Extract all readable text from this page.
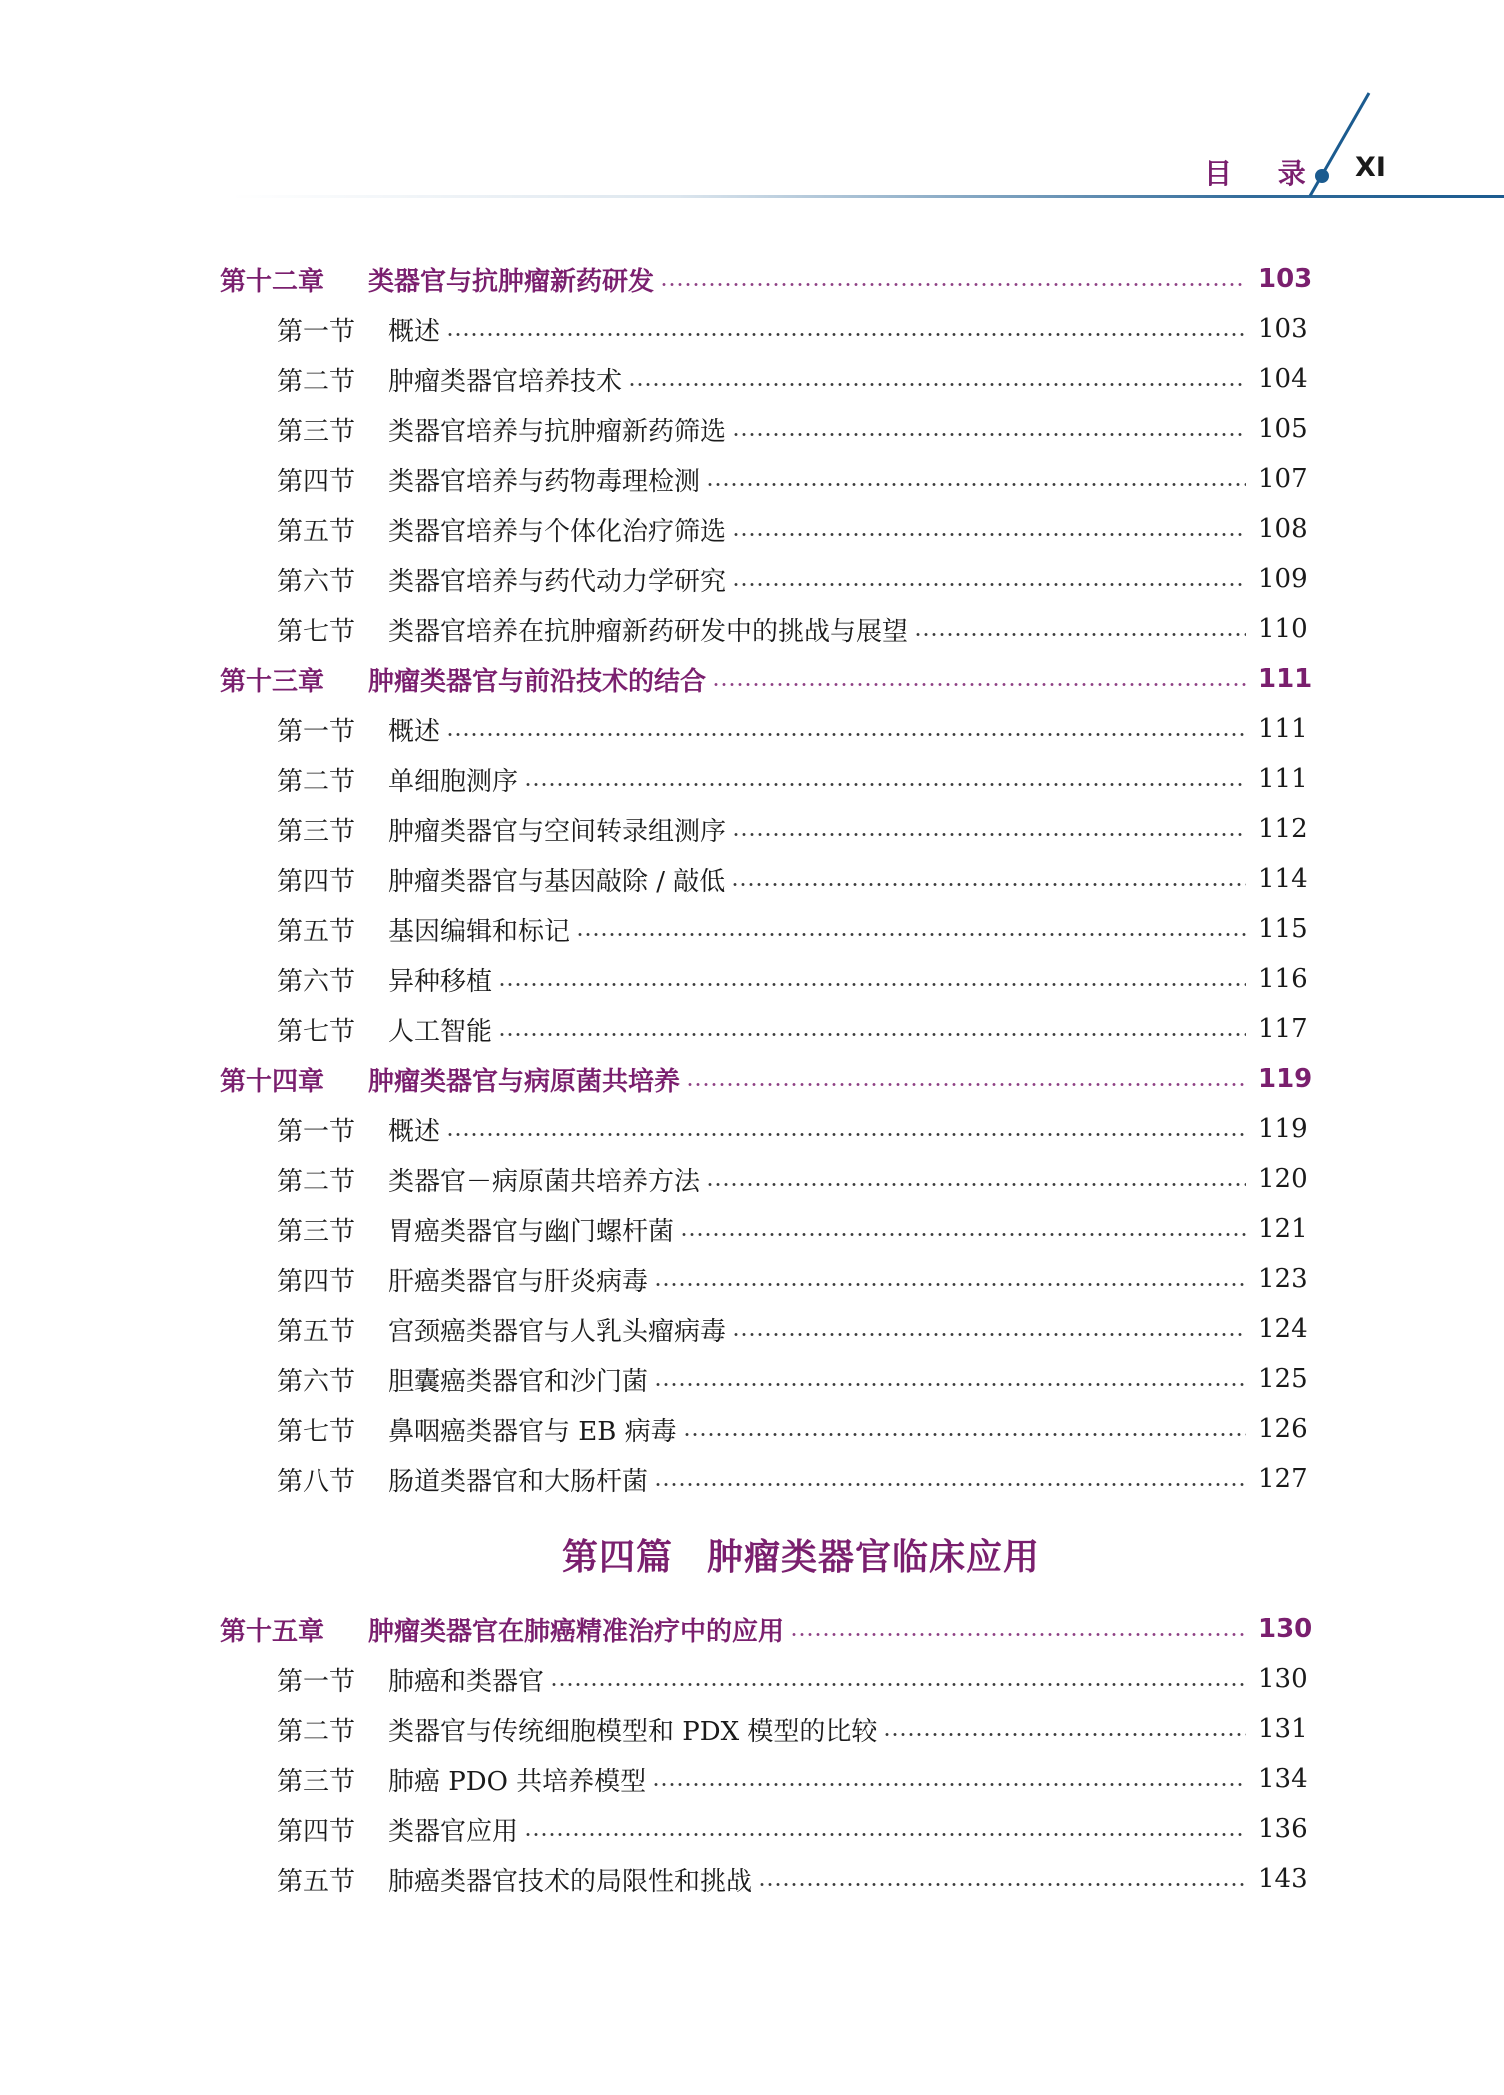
目 录 XI
第十二章	类器官与抗肿瘤新药研发	103
第一节	概述	103
第二节	肿瘤类器官培养技术	104
第三节	类器官培养与抗肿瘤新药筛选	105
第四节	类器官培养与药物毒理检测	107
第五节	类器官培养与个体化治疗筛选	108
第六节	类器官培养与药代动力学研究	109
第七节	类器官培养在抗肿瘤新药研发中的挑战与展望	110
第十三章	肿瘤类器官与前沿技术的结合	111
第一节	概述	111
第二节	单细胞测序	111
第三节	肿瘤类器官与空间转录组测序	112
第四节	肿瘤类器官与基因敲除 / 敲低	114
第五节	基因编辑和标记	115
第六节	异种移植	116
第七节	人工智能	117
第十四章	肿瘤类器官与病原菌共培养	119
第一节	概述	119
第二节	类器官－病原菌共培养方法	120
第三节	胃癌类器官与幽门螺杆菌	121
第四节	肝癌类器官与肝炎病毒	123
第五节	宫颈癌类器官与人乳头瘤病毒	124
第六节	胆囊癌类器官和沙门菌	125
第七节	鼻咽癌类器官与 EB 病毒	126
第八节	肠道类器官和大肠杆菌	127
第四篇 肿瘤类器官临床应用
第十五章	肿瘤类器官在肺癌精准治疗中的应用	130
第一节	肺癌和类器官	130
第二节	类器官与传统细胞模型和 PDX 模型的比较	131
第三节	肺癌 PDO 共培养模型	134
第四节	类器官应用	136
第五节	肺癌类器官技术的局限性和挑战	143
